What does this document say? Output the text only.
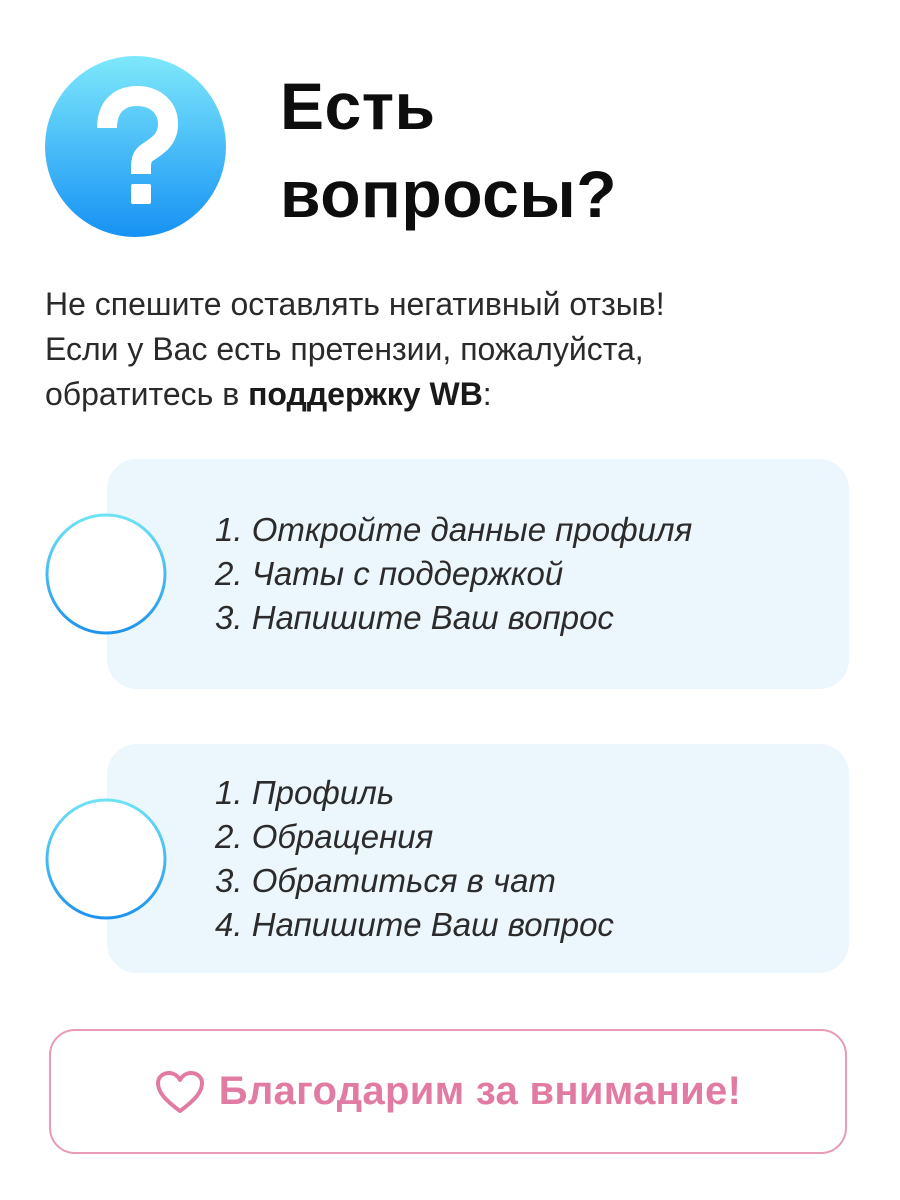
Есть
вопросы?

Не спешите оставлять негативный отзыв!
Если у Вас есть претензии, пожалуйста,
обратитесь в поддержку WB:

1. Откройте данные профиля
2. Чаты с поддержкой
3. Напишите Ваш вопрос
1. Профиль
2. Обращения
3. Обратиться в чат
4. Напишите Ваш вопрос
Благодарим за внимание!
